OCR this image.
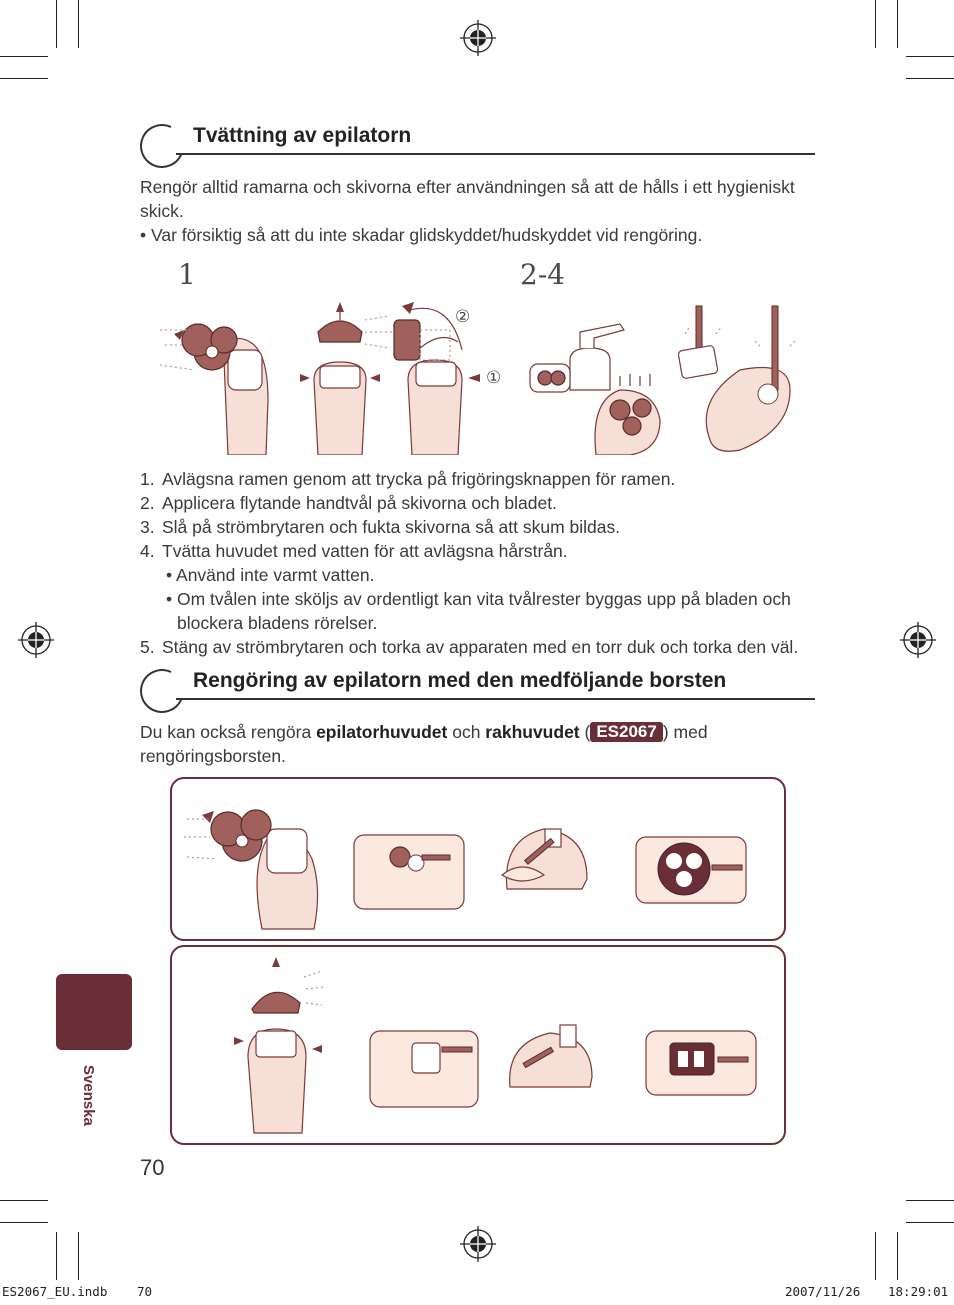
Tvättning av epilatorn
Rengör alltid ramarna och skivorna efter användningen så att de hålls i ett hygieniskt skick.
• Var försiktig så att du inte skadar glidskyddet/hudskyddet vid rengöring.
1	2-4
②
①
1. Avlägsna ramen genom att trycka på frigöringsknappen för ramen.
2. Applicera flytande handtvål på skivorna och bladet.
3. Slå på strömbrytaren och fukta skivorna så att skum bildas.
4. Tvätta huvudet med vatten för att avlägsna hårstrån.
• Använd inte varmt vatten.
• Om tvålen inte sköljs av ordentligt kan vita tvålrester byggas upp på bladen och
blockera bladens rörelser.
5. Stäng av strömbrytaren och torka av apparaten med en torr duk och torka den väl.
Rengöring av epilatorn med den medföljande borsten
Du kan också rengöra epilatorhuvudet och rakhuvudet ( ES2067 ) med
rengöringsborsten.
Svenska
70
ES2067_EU.indb 70	2007/11/26 18:29:01
